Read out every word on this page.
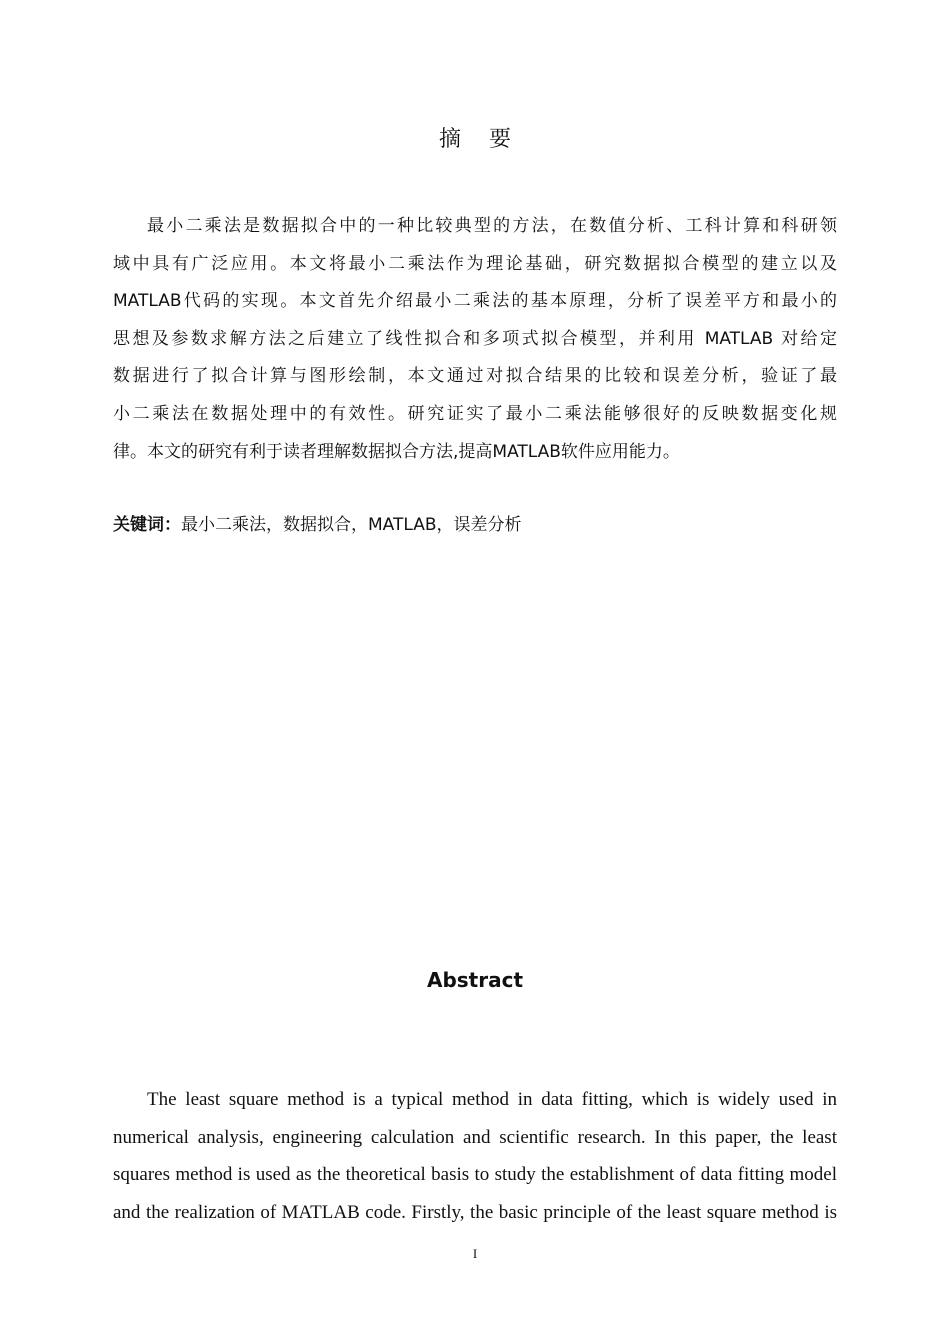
摘 要
最小二乘法是数据拟合中的一种比较典型的方法，在数值分析、工科计算和科研领
域中具有广泛应用。本文将最小二乘法作为理论基础，研究数据拟合模型的建立以及
MATLAB代码的实现。本文首先介绍最小二乘法的基本原理，分析了误差平方和最小的
思想及参数求解方法之后建立了线性拟合和多项式拟合模型，并利用 MATLAB 对给定
数据进行了拟合计算与图形绘制，本文通过对拟合结果的比较和误差分析，验证了最
小二乘法在数据处理中的有效性。研究证实了最小二乘法能够很好的反映数据变化规
律。本文的研究有利于读者理解数据拟合方法,提高MATLAB软件应用能力。
关键词：最小二乘法，数据拟合，MATLAB，误差分析
Abstract
The least square method is a typical method in data fitting, which is widely used in
numerical analysis, engineering calculation and scientific research. In this paper, the least
squares method is used as the theoretical basis to study the establishment of data fitting model
and the realization of MATLAB code. Firstly, the basic principle of the least square method is
I
